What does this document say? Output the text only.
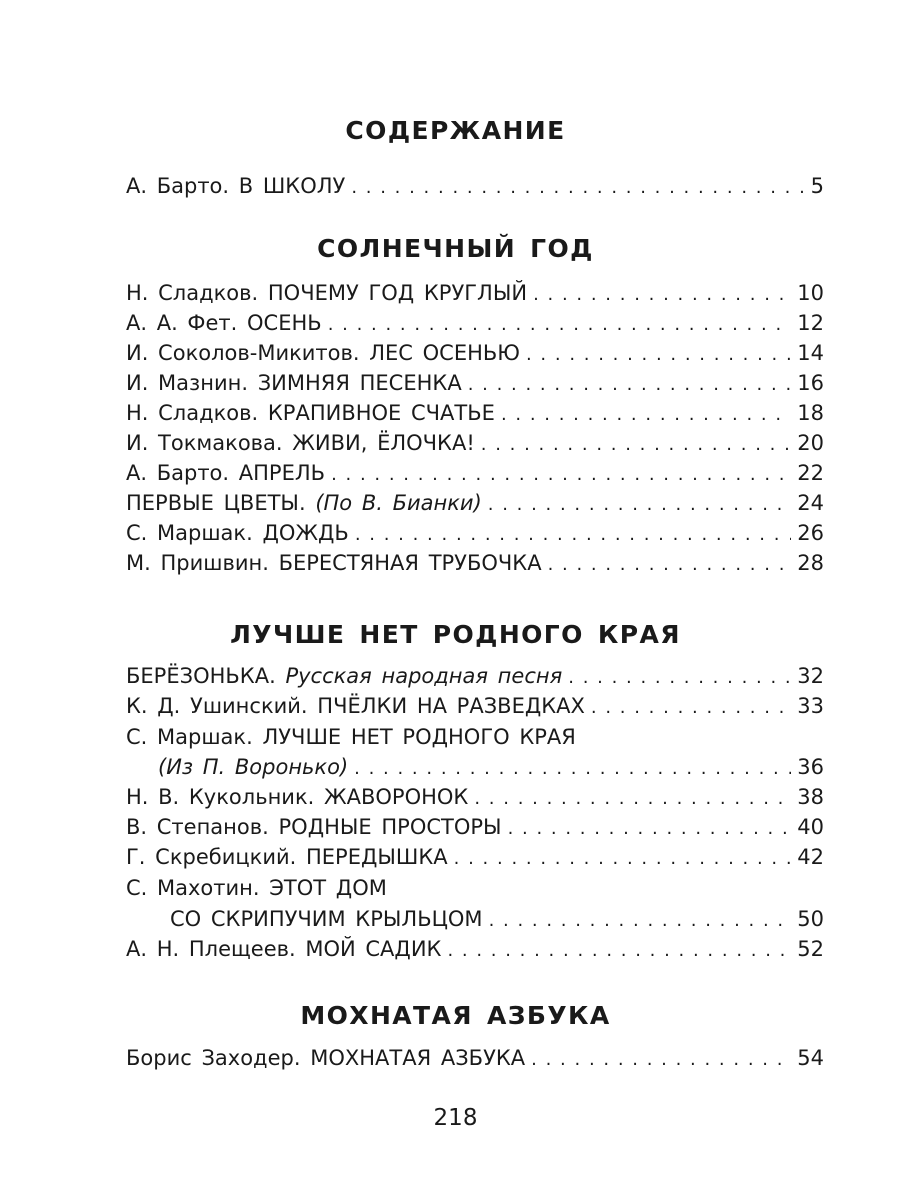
СОДЕРЖАНИЕ
А. Барто. В ШКОЛУ . . .	5
СОЛНЕЧНЫЙ ГОД
Н. Сладков. ПОЧЕМУ ГОД КРУГЛЫЙ . . .	10
А. А. Фет. ОСЕНЬ . . .	12
И. Соколов-Микитов. ЛЕС ОСЕНЬЮ . . .	14
И. Мазнин. ЗИМНЯЯ ПЕСЕНКА . . .	16
Н. Сладков. КРАПИВНОЕ СЧАТЬЕ . . .	18
И. Токмакова. ЖИВИ, ЁЛОЧКА! . . .	20
А. Барто. АПРЕЛЬ . . .	22
ПЕРВЫЕ ЦВЕТЫ. (По В. Бианки) . . .	24
С. Маршак. ДОЖДЬ . . .	26
М. Пришвин. БЕРЕСТЯНАЯ ТРУБОЧКА . . .	28
ЛУЧШЕ НЕТ РОДНОГО КРАЯ
БЕРЁЗОНЬКА. Русская народная песня . . .	32
К. Д. Ушинский. ПЧЁЛКИ НА РАЗВЕДКАХ . . .	33
С. Маршак. ЛУЧШЕ НЕТ РОДНОГО КРАЯ
(Из П. Воронько) . . .	36
Н. В. Кукольник. ЖАВОРОНОК . . .	38
В. Степанов. РОДНЫЕ ПРОСТОРЫ . . .	40
Г. Скребицкий. ПЕРЕДЫШКА . . .	42
С. Махотин. ЭТОТ ДОМ
СО СКРИПУЧИМ КРЫЛЬЦОМ . . .	50
А. Н. Плещеев. МОЙ САДИК . . .	52
МОХНАТАЯ АЗБУКА
Борис Заходер. МОХНАТАЯ АЗБУКА . . .	54
218
